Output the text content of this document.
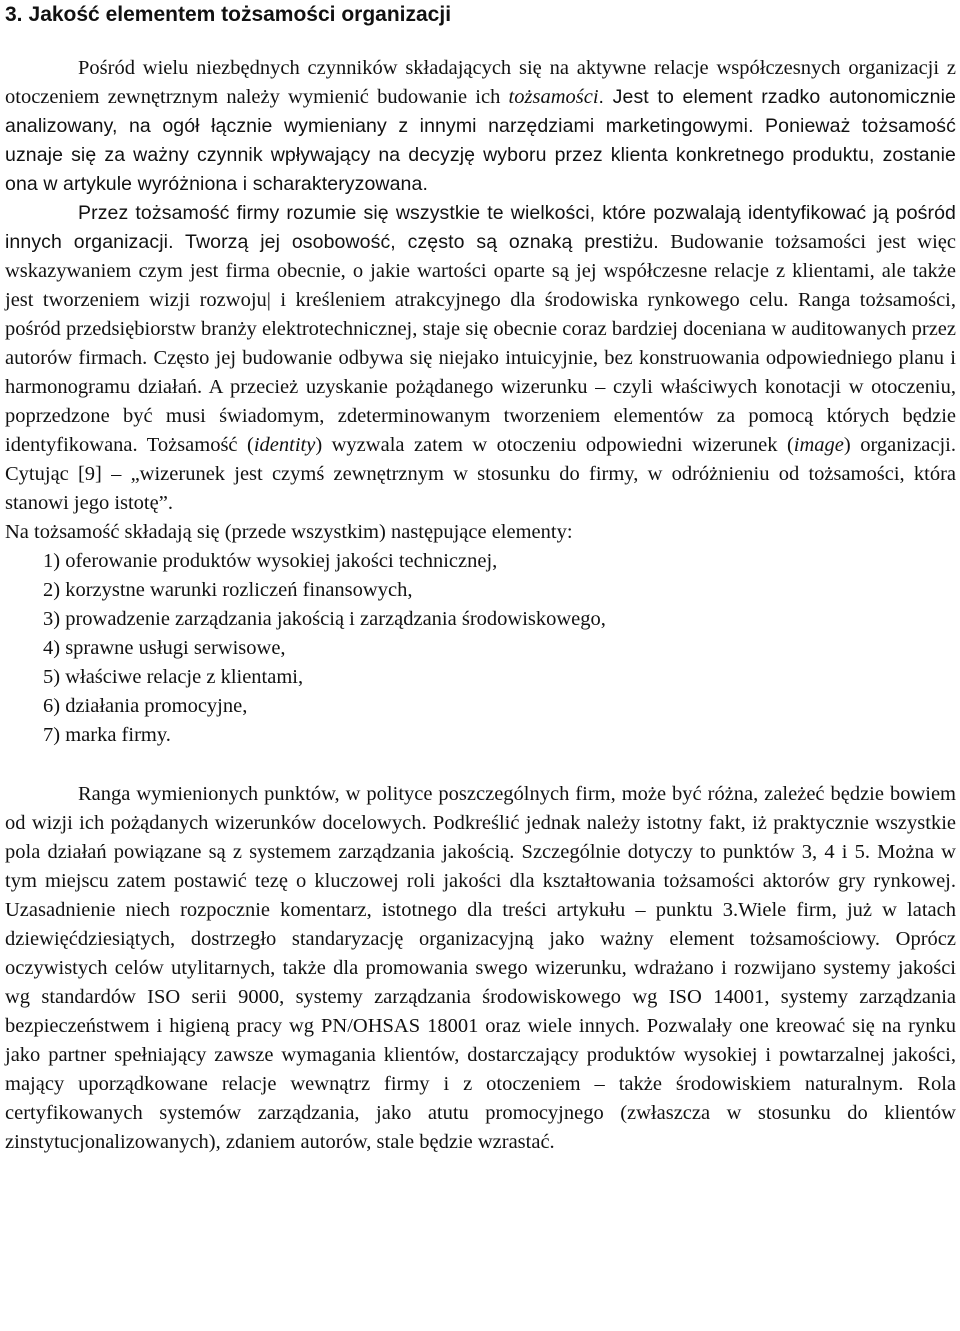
3. Jakość elementem tożsamości organizacji

Pośród wielu niezbędnych czynników składających się na aktywne relacje współczesnych organizacji z otoczeniem zewnętrznym należy wymienić budowanie ich tożsamości. Jest to element rzadko autonomicznie analizowany, na ogół łącznie wymieniany z innymi narzędziami marketingowymi. Ponieważ tożsamość uznaje się za ważny czynnik wpływający na decyzję wyboru przez klienta konkretnego produktu, zostanie ona w artykule wyróżniona i scharakteryzowana.

Przez tożsamość firmy rozumie się wszystkie te wielkości, które pozwalają identyfikować ją pośród innych organizacji. Tworzą jej osobowość, często są oznaką prestiżu. Budowanie tożsamości jest więc wskazywaniem czym jest firma obecnie, o jakie wartości oparte są jej współczesne relacje z klientami, ale także jest tworzeniem wizji rozwoju| i kreśleniem atrakcyjnego dla środowiska rynkowego celu. Ranga tożsamości, pośród przedsiębiorstw branży elektrotechnicznej, staje się obecnie coraz bardziej doceniana w auditowanych przez autorów firmach. Często jej budowanie odbywa się niejako intuicyjnie, bez konstruowania odpowiedniego planu i harmonogramu działań. A przecież uzyskanie pożądanego wizerunku – czyli właściwych konotacji w otoczeniu, poprzedzone być musi świadomym, zdeterminowanym tworzeniem elementów za pomocą których będzie identyfikowana. Tożsamość (identity) wyzwala zatem w otoczeniu odpowiedni wizerunek (image) organizacji. Cytując [9] – „wizerunek jest czymś zewnętrznym w stosunku do firmy, w odróżnieniu od tożsamości, która stanowi jego istotę”.

Na tożsamość składają się (przede wszystkim) następujące elementy:

1) oferowanie produktów wysokiej jakości technicznej,
2) korzystne warunki rozliczeń finansowych,
3) prowadzenie zarządzania jakością i zarządzania środowiskowego,
4) sprawne usługi serwisowe,
5) właściwe relacje z klientami,
6) działania promocyjne,
7) marka firmy.

Ranga wymienionych punktów, w polityce poszczególnych firm, może być różna, zależeć będzie bowiem od wizji ich pożądanych wizerunków docelowych. Podkreślić jednak należy istotny fakt, iż praktycznie wszystkie pola działań powiązane są z systemem zarządzania jakością. Szczególnie dotyczy to punktów 3, 4 i 5. Można w tym miejscu zatem postawić tezę o kluczowej roli jakości dla kształtowania tożsamości aktorów gry rynkowej. Uzasadnienie niech rozpocznie komentarz, istotnego dla treści artykułu – punktu 3.Wiele firm, już w latach dziewięćdziesiątych, dostrzegło standaryzację organizacyjną jako ważny element tożsamościowy. Oprócz oczywistych celów utylitarnych, także dla promowania swego wizerunku, wdrażano i rozwijano systemy jakości wg standardów ISO serii 9000, systemy zarządzania środowiskowego wg ISO 14001, systemy zarządzania bezpieczeństwem i higieną pracy wg PN/OHSAS 18001 oraz wiele innych. Pozwalały one kreować się na rynku jako partner spełniający zawsze wymagania klientów, dostarczający produktów wysokiej i powtarzalnej jakości, mający uporządkowane relacje wewnątrz firmy i z otoczeniem – także środowiskiem naturalnym. Rola certyfikowanych systemów zarządzania, jako atutu promocyjnego (zwłaszcza w stosunku do klientów zinstytucjonalizowanych), zdaniem autorów, stale będzie wzrastać.
